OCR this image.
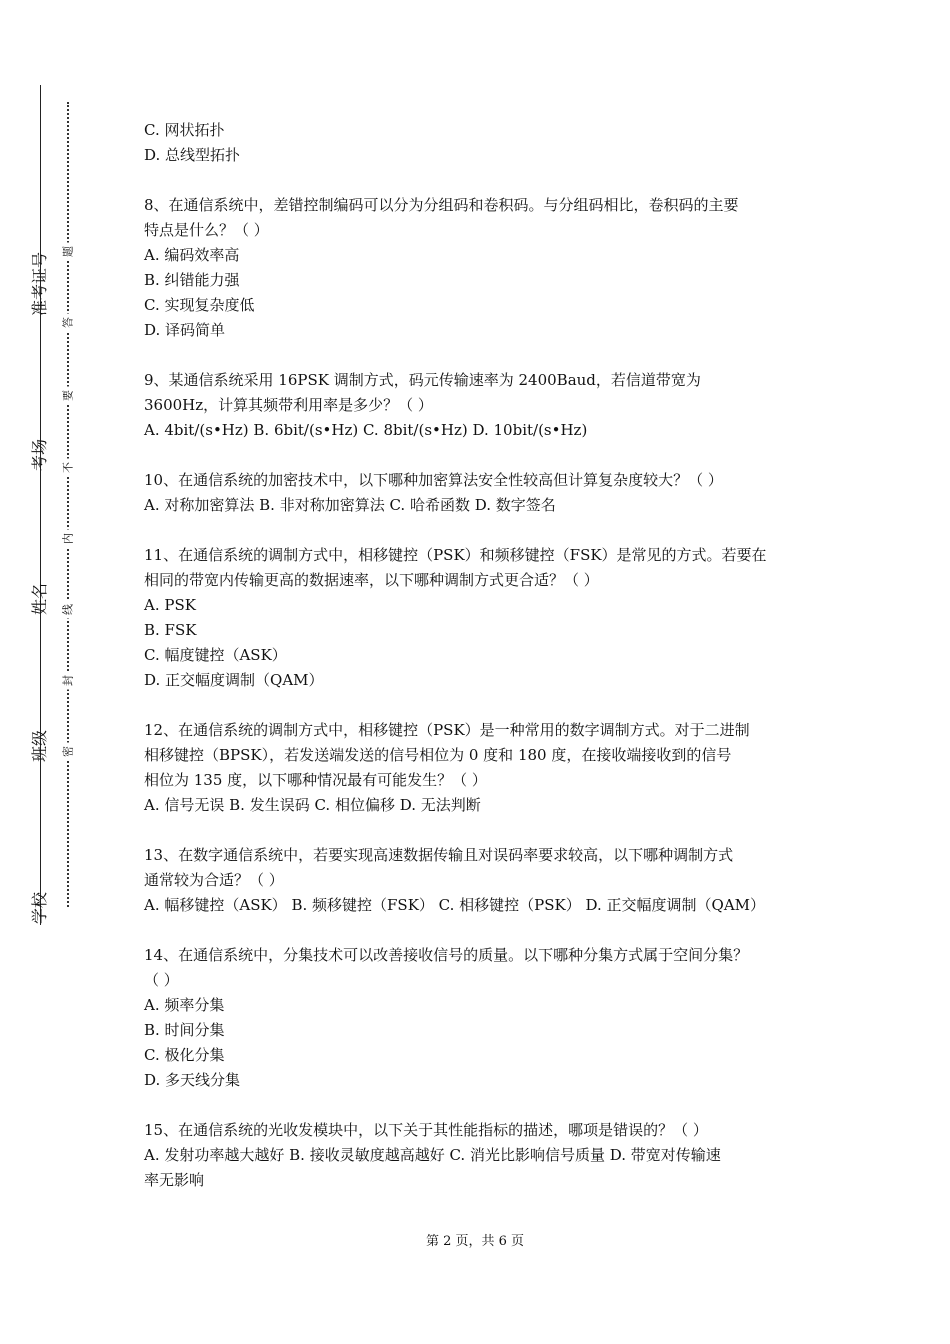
准考证号
考场
姓名
班级
学校
题
答
要
不
内
线
封
密
C. 网状拓扑
D. 总线型拓扑
8、在通信系统中，差错控制编码可以分为分组码和卷积码。与分组码相比，卷积码的主要
特点是什么？（ ）
A. 编码效率高
B. 纠错能力强
C. 实现复杂度低
D. 译码简单
9、某通信系统采用 16PSK 调制方式，码元传输速率为 2400Baud，若信道带宽为
3600Hz，计算其频带利用率是多少？（ ）
A. 4bit/(s•Hz) B. 6bit/(s•Hz) C. 8bit/(s•Hz) D. 10bit/(s•Hz)
10、在通信系统的加密技术中，以下哪种加密算法安全性较高但计算复杂度较大？（ ）
A. 对称加密算法 B. 非对称加密算法 C. 哈希函数 D. 数字签名
11、在通信系统的调制方式中，相移键控（PSK）和频移键控（FSK）是常见的方式。若要在
相同的带宽内传输更高的数据速率，以下哪种调制方式更合适？（ ）
A. PSK
B. FSK
C. 幅度键控（ASK）
D. 正交幅度调制（QAM）
12、在通信系统的调制方式中，相移键控（PSK）是一种常用的数字调制方式。对于二进制
相移键控（BPSK），若发送端发送的信号相位为 0 度和 180 度，在接收端接收到的信号
相位为 135 度，以下哪种情况最有可能发生？（ ）
A. 信号无误 B. 发生误码 C. 相位偏移 D. 无法判断
13、在数字通信系统中，若要实现高速数据传输且对误码率要求较高，以下哪种调制方式
通常较为合适？（ ）
A. 幅移键控（ASK） B. 频移键控（FSK） C. 相移键控（PSK） D. 正交幅度调制（QAM）
14、在通信系统中，分集技术可以改善接收信号的质量。以下哪种分集方式属于空间分集？
（ ）
A. 频率分集
B. 时间分集
C. 极化分集
D. 多天线分集
15、在通信系统的光收发模块中，以下关于其性能指标的描述，哪项是错误的？（ ）
A. 发射功率越大越好 B. 接收灵敏度越高越好 C. 消光比影响信号质量 D. 带宽对传输速
率无影响
第 2 页，共 6 页
